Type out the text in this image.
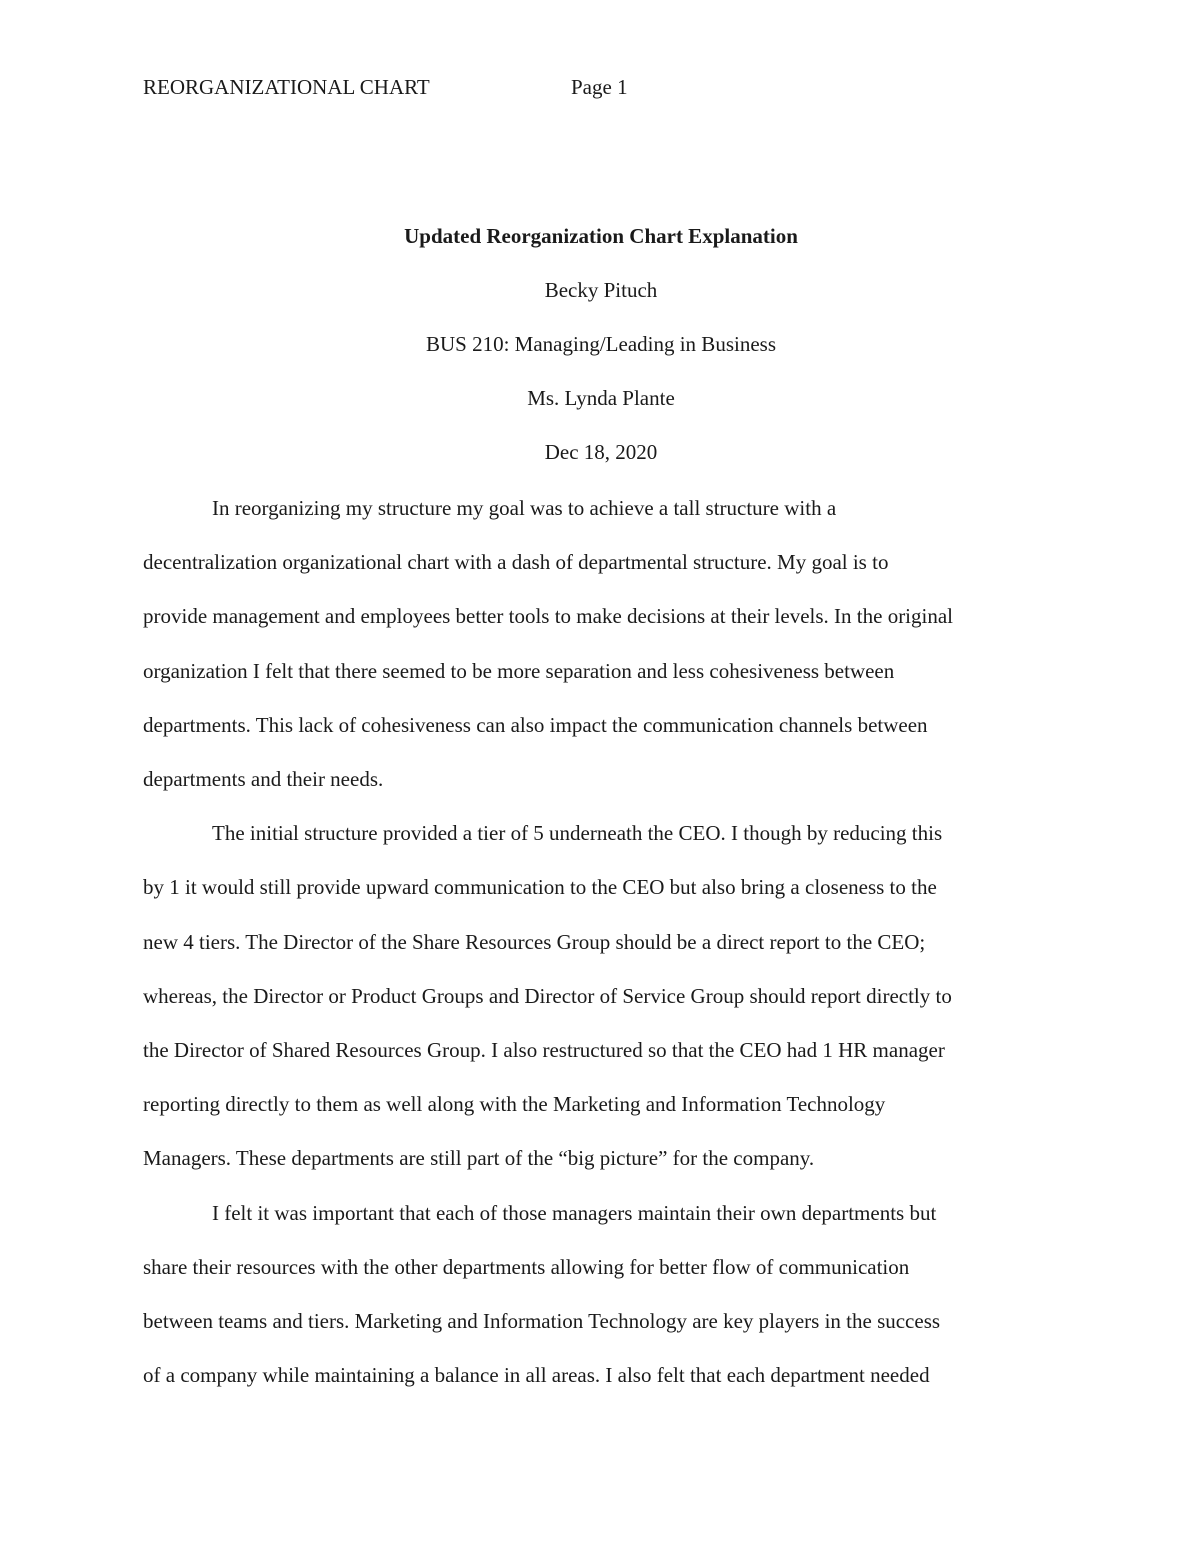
REORGANIZATIONAL CHART	Page 1
Updated Reorganization Chart Explanation
Becky Pituch
BUS 210: Managing/Leading in Business
Ms. Lynda Plante
Dec 18, 2020
In reorganizing my structure my goal was to achieve a tall structure with a
decentralization organizational chart with a dash of departmental structure. My goal is to
provide management and employees better tools to make decisions at their levels. In the original
organization I felt that there seemed to be more separation and less cohesiveness between
departments. This lack of cohesiveness can also impact the communication channels between
departments and their needs.
The initial structure provided a tier of 5 underneath the CEO. I though by reducing this
by 1 it would still provide upward communication to the CEO but also bring a closeness to the
new 4 tiers. The Director of the Share Resources Group should be a direct report to the CEO;
whereas, the Director or Product Groups and Director of Service Group should report directly to
the Director of Shared Resources Group. I also restructured so that the CEO had 1 HR manager
reporting directly to them as well along with the Marketing and Information Technology
Managers. These departments are still part of the “big picture” for the company.
I felt it was important that each of those managers maintain their own departments but
share their resources with the other departments allowing for better flow of communication
between teams and tiers. Marketing and Information Technology are key players in the success
of a company while maintaining a balance in all areas. I also felt that each department needed
